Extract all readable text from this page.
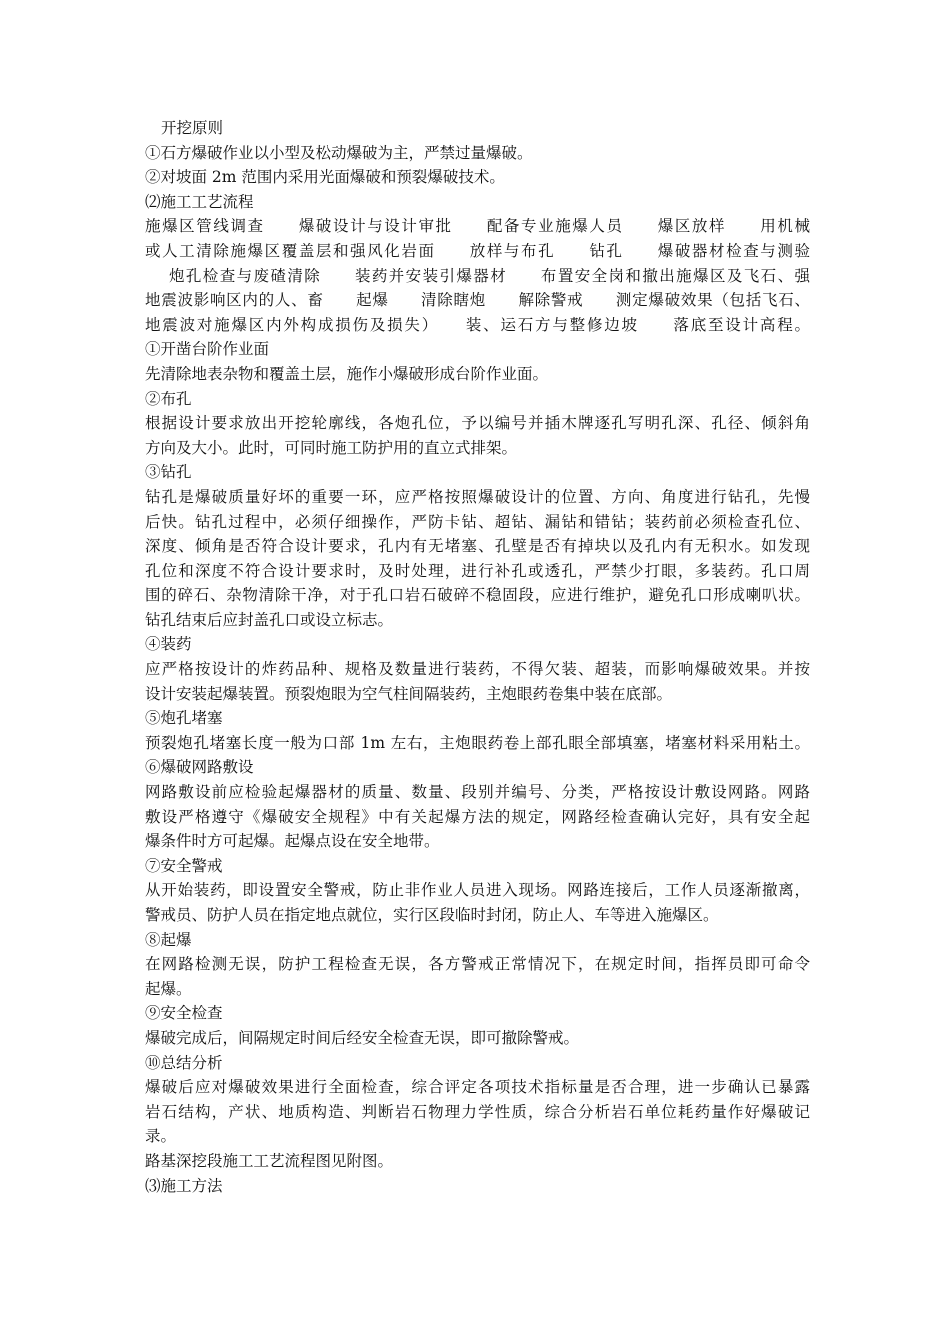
开挖原则
①石方爆破作业以小型及松动爆破为主，严禁过量爆破。
②对坡面 2m 范围内采用光面爆破和预裂爆破技术。
⑵施工工艺流程
施爆区管线调查　　爆破设计与设计审批　　配备专业施爆人员　　爆区放样　　用机械
或人工清除施爆区覆盖层和强风化岩面　　放样与布孔　　钻孔　　爆破器材检查与测验
炮孔检查与废碴清除　　装药并安装引爆器材　　布置安全岗和撤出施爆区及飞石、强
地震波影响区内的人、畜　　起爆　　清除瞎炮　　解除警戒　　测定爆破效果（包括飞石、
地震波对施爆区内外构成损伤及损失）　　装、运石方与整修边坡　　落底至设计高程。
①开凿台阶作业面
先清除地表杂物和覆盖土层，施作小爆破形成台阶作业面。
②布孔
根据设计要求放出开挖轮廓线，各炮孔位，予以编号并插木牌逐孔写明孔深、孔径、倾斜角
方向及大小。此时，可同时施工防护用的直立式排架。
③钻孔
钻孔是爆破质量好坏的重要一环，应严格按照爆破设计的位置、方向、角度进行钻孔，先慢
后快。钻孔过程中，必须仔细操作，严防卡钻、超钻、漏钻和错钻；装药前必须检查孔位、
深度、倾角是否符合设计要求，孔内有无堵塞、孔壁是否有掉块以及孔内有无积水。如发现
孔位和深度不符合设计要求时，及时处理，进行补孔或透孔，严禁少打眼，多装药。孔口周
围的碎石、杂物清除干净，对于孔口岩石破碎不稳固段，应进行维护，避免孔口形成喇叭状。
钻孔结束后应封盖孔口或设立标志。
④装药
应严格按设计的炸药品种、规格及数量进行装药，不得欠装、超装，而影响爆破效果。并按
设计安装起爆装置。预裂炮眼为空气柱间隔装药，主炮眼药卷集中装在底部。
⑤炮孔堵塞
预裂炮孔堵塞长度一般为口部 1m 左右，主炮眼药卷上部孔眼全部填塞，堵塞材料采用粘土。
⑥爆破网路敷设
网路敷设前应检验起爆器材的质量、数量、段别并编号、分类，严格按设计敷设网路。网路
敷设严格遵守《爆破安全规程》中有关起爆方法的规定，网路经检查确认完好，具有安全起
爆条件时方可起爆。起爆点设在安全地带。
⑦安全警戒
从开始装药，即设置安全警戒，防止非作业人员进入现场。网路连接后，工作人员逐渐撤离，
警戒员、防护人员在指定地点就位，实行区段临时封闭，防止人、车等进入施爆区。
⑧起爆
在网路检测无误，防护工程检查无误，各方警戒正常情况下，在规定时间，指挥员即可命令
起爆。
⑨安全检查
爆破完成后，间隔规定时间后经安全检查无误，即可撤除警戒。
⑩总结分析
爆破后应对爆破效果进行全面检查，综合评定各项技术指标量是否合理，进一步确认已暴露
岩石结构，产状、地质构造、判断岩石物理力学性质，综合分析岩石单位耗药量作好爆破记
录。
路基深挖段施工工艺流程图见附图。
⑶施工方法
